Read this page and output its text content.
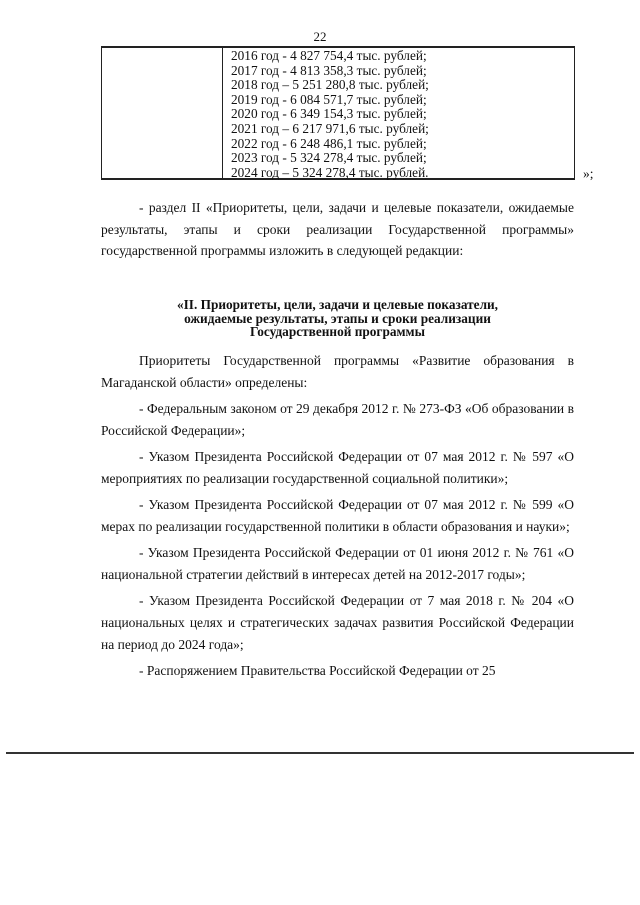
22
2016 год - 4 827 754,4 тыс. рублей;
2017 год - 4 813 358,3 тыс. рублей;
2018 год – 5 251 280,8 тыс. рублей;
2019 год - 6 084 571,7 тыс. рублей;
2020 год - 6 349 154,3 тыс. рублей;
2021 год – 6 217 971,6 тыс. рублей;
2022 год - 6 248 486,1 тыс. рублей;
2023 год - 5 324 278,4 тыс. рублей;
2024 год – 5 324 278,4 тыс. рублей.	»;
- раздел II «Приоритеты, цели, задачи и целевые показатели, ожидаемые результаты, этапы и сроки реализации Государственной программы» государственной программы изложить в следующей редакции:
«II. Приоритеты, цели, задачи и целевые показатели,
ожидаемые результаты, этапы и сроки реализации
Государственной программы
Приоритеты Государственной программы «Развитие образования в Магаданской области» определены:
- Федеральным законом от 29 декабря 2012 г. № 273-ФЗ «Об образовании в Российской Федерации»;
- Указом Президента Российской Федерации от 07 мая 2012 г. № 597 «О мероприятиях по реализации государственной социальной политики»;
- Указом Президента Российской Федерации от 07 мая 2012 г. № 599 «О мерах по реализации государственной политики в области образования и науки»;
- Указом Президента Российской Федерации от 01 июня 2012 г. № 761 «О национальной стратегии действий в интересах детей на 2012-2017 годы»;
- Указом Президента Российской Федерации от 7 мая 2018 г. № 204 «О национальных целях и стратегических задачах развития Российской Федерации на период до 2024 года»;
- Распоряжением Правительства Российской Федерации от 25
